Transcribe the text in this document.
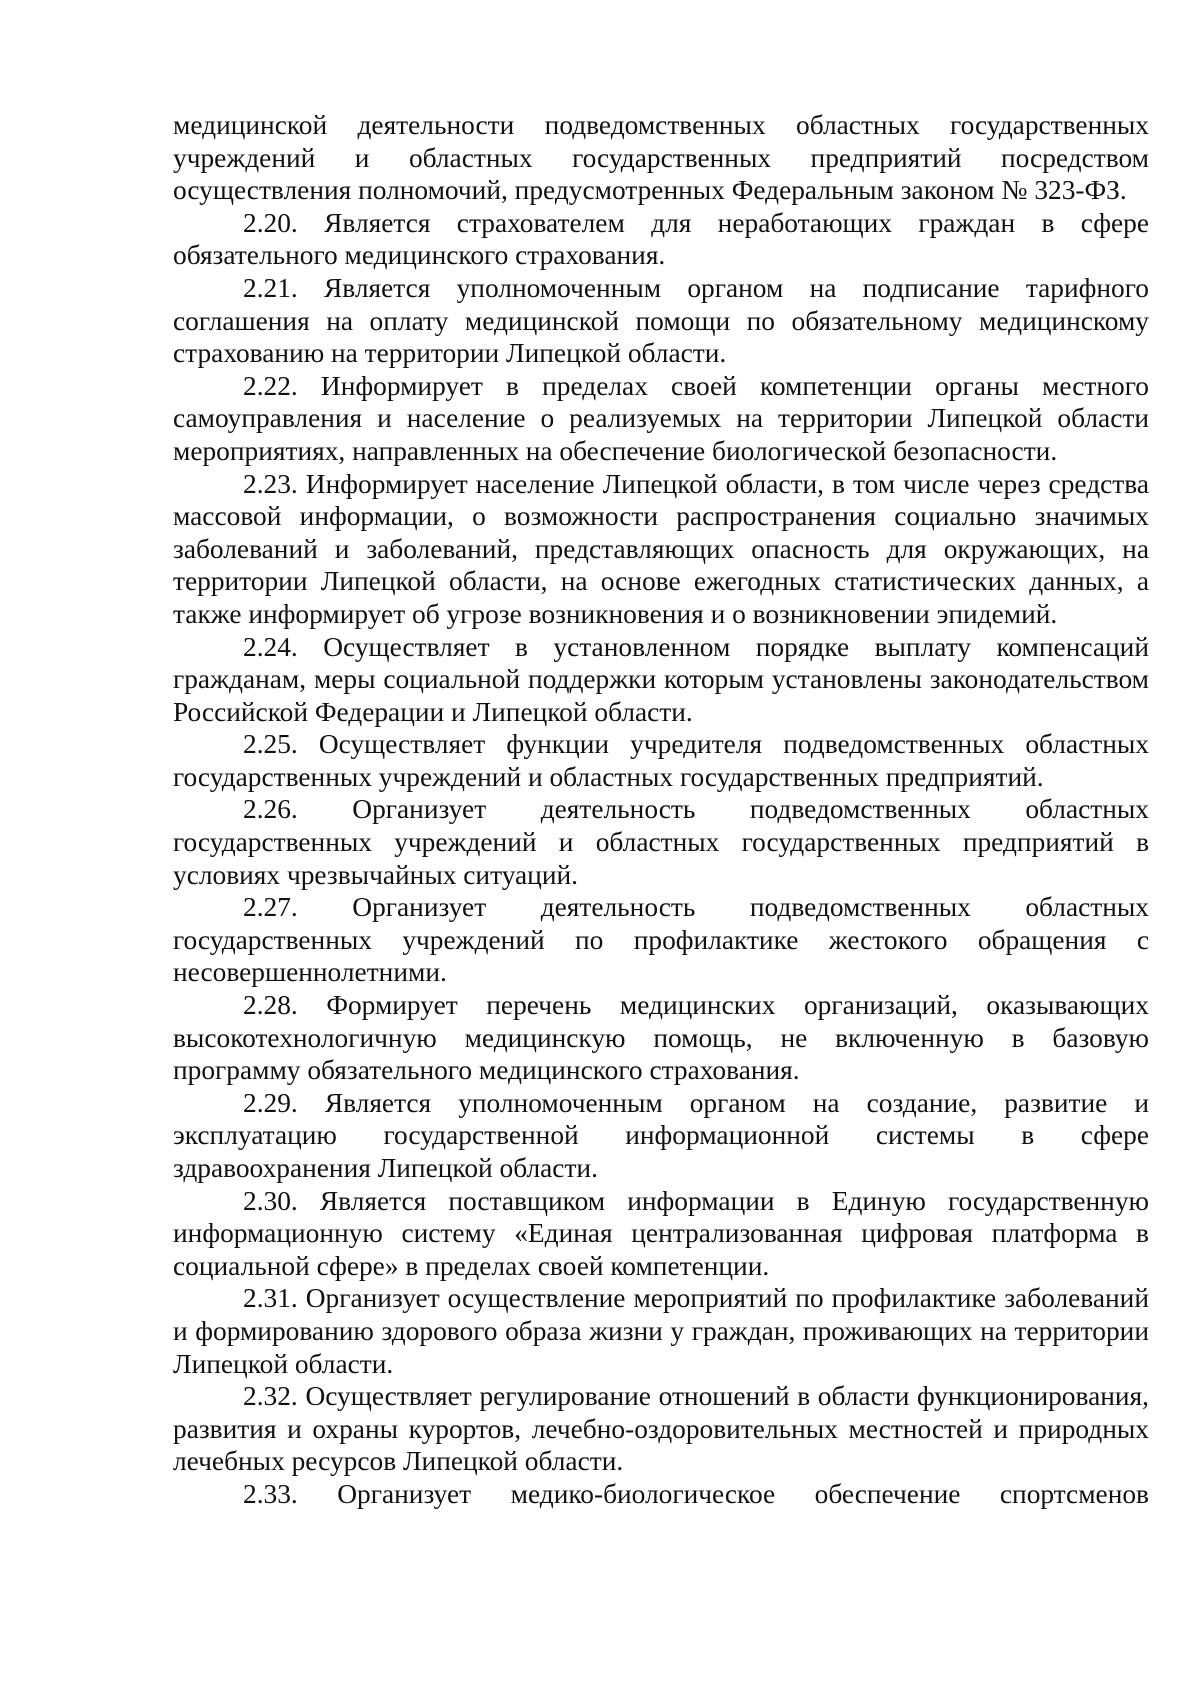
медицинской деятельности подведомственных областных государственных учреждений и областных государственных предприятий посредством осуществления полномочий, предусмотренных Федеральным законом № 323-ФЗ.

2.20. Является страхователем для неработающих граждан в сфере обязательного медицинского страхования.

2.21. Является уполномоченным органом на подписание тарифного соглашения на оплату медицинской помощи по обязательному медицинскому страхованию на территории Липецкой области.

2.22. Информирует в пределах своей компетенции органы местного самоуправления и население о реализуемых на территории Липецкой области мероприятиях, направленных на обеспечение биологической безопасности.

2.23. Информирует население Липецкой области, в том числе через средства массовой информации, о возможности распространения социально значимых заболеваний и заболеваний, представляющих опасность для окружающих, на территории Липецкой области, на основе ежегодных статистических данных, а также информирует об угрозе возникновения и о возникновении эпидемий.

2.24. Осуществляет в установленном порядке выплату компенсаций гражданам, меры социальной поддержки которым установлены законодательством Российской Федерации и Липецкой области.

2.25. Осуществляет функции учредителя подведомственных областных государственных учреждений и областных государственных предприятий.

2.26. Организует деятельность подведомственных областных государственных учреждений и областных государственных предприятий в условиях чрезвычайных ситуаций.

2.27. Организует деятельность подведомственных областных государственных учреждений по профилактике жестокого обращения с несовершеннолетними.

2.28. Формирует перечень медицинских организаций, оказывающих высокотехнологичную медицинскую помощь, не включенную в базовую программу обязательного медицинского страхования.

2.29. Является уполномоченным органом на создание, развитие и эксплуатацию государственной информационной системы в сфере здравоохранения Липецкой области.

2.30. Является поставщиком информации в Единую государственную информационную систему «Единая централизованная цифровая платформа в социальной сфере» в пределах своей компетенции.

2.31. Организует осуществление мероприятий по профилактике заболеваний и формированию здорового образа жизни у граждан, проживающих на территории Липецкой области.

2.32. Осуществляет регулирование отношений в области функционирования, развития и охраны курортов, лечебно-оздоровительных местностей и природных лечебных ресурсов Липецкой области.

2.33. Организует медико-биологическое обеспечение спортсменов
